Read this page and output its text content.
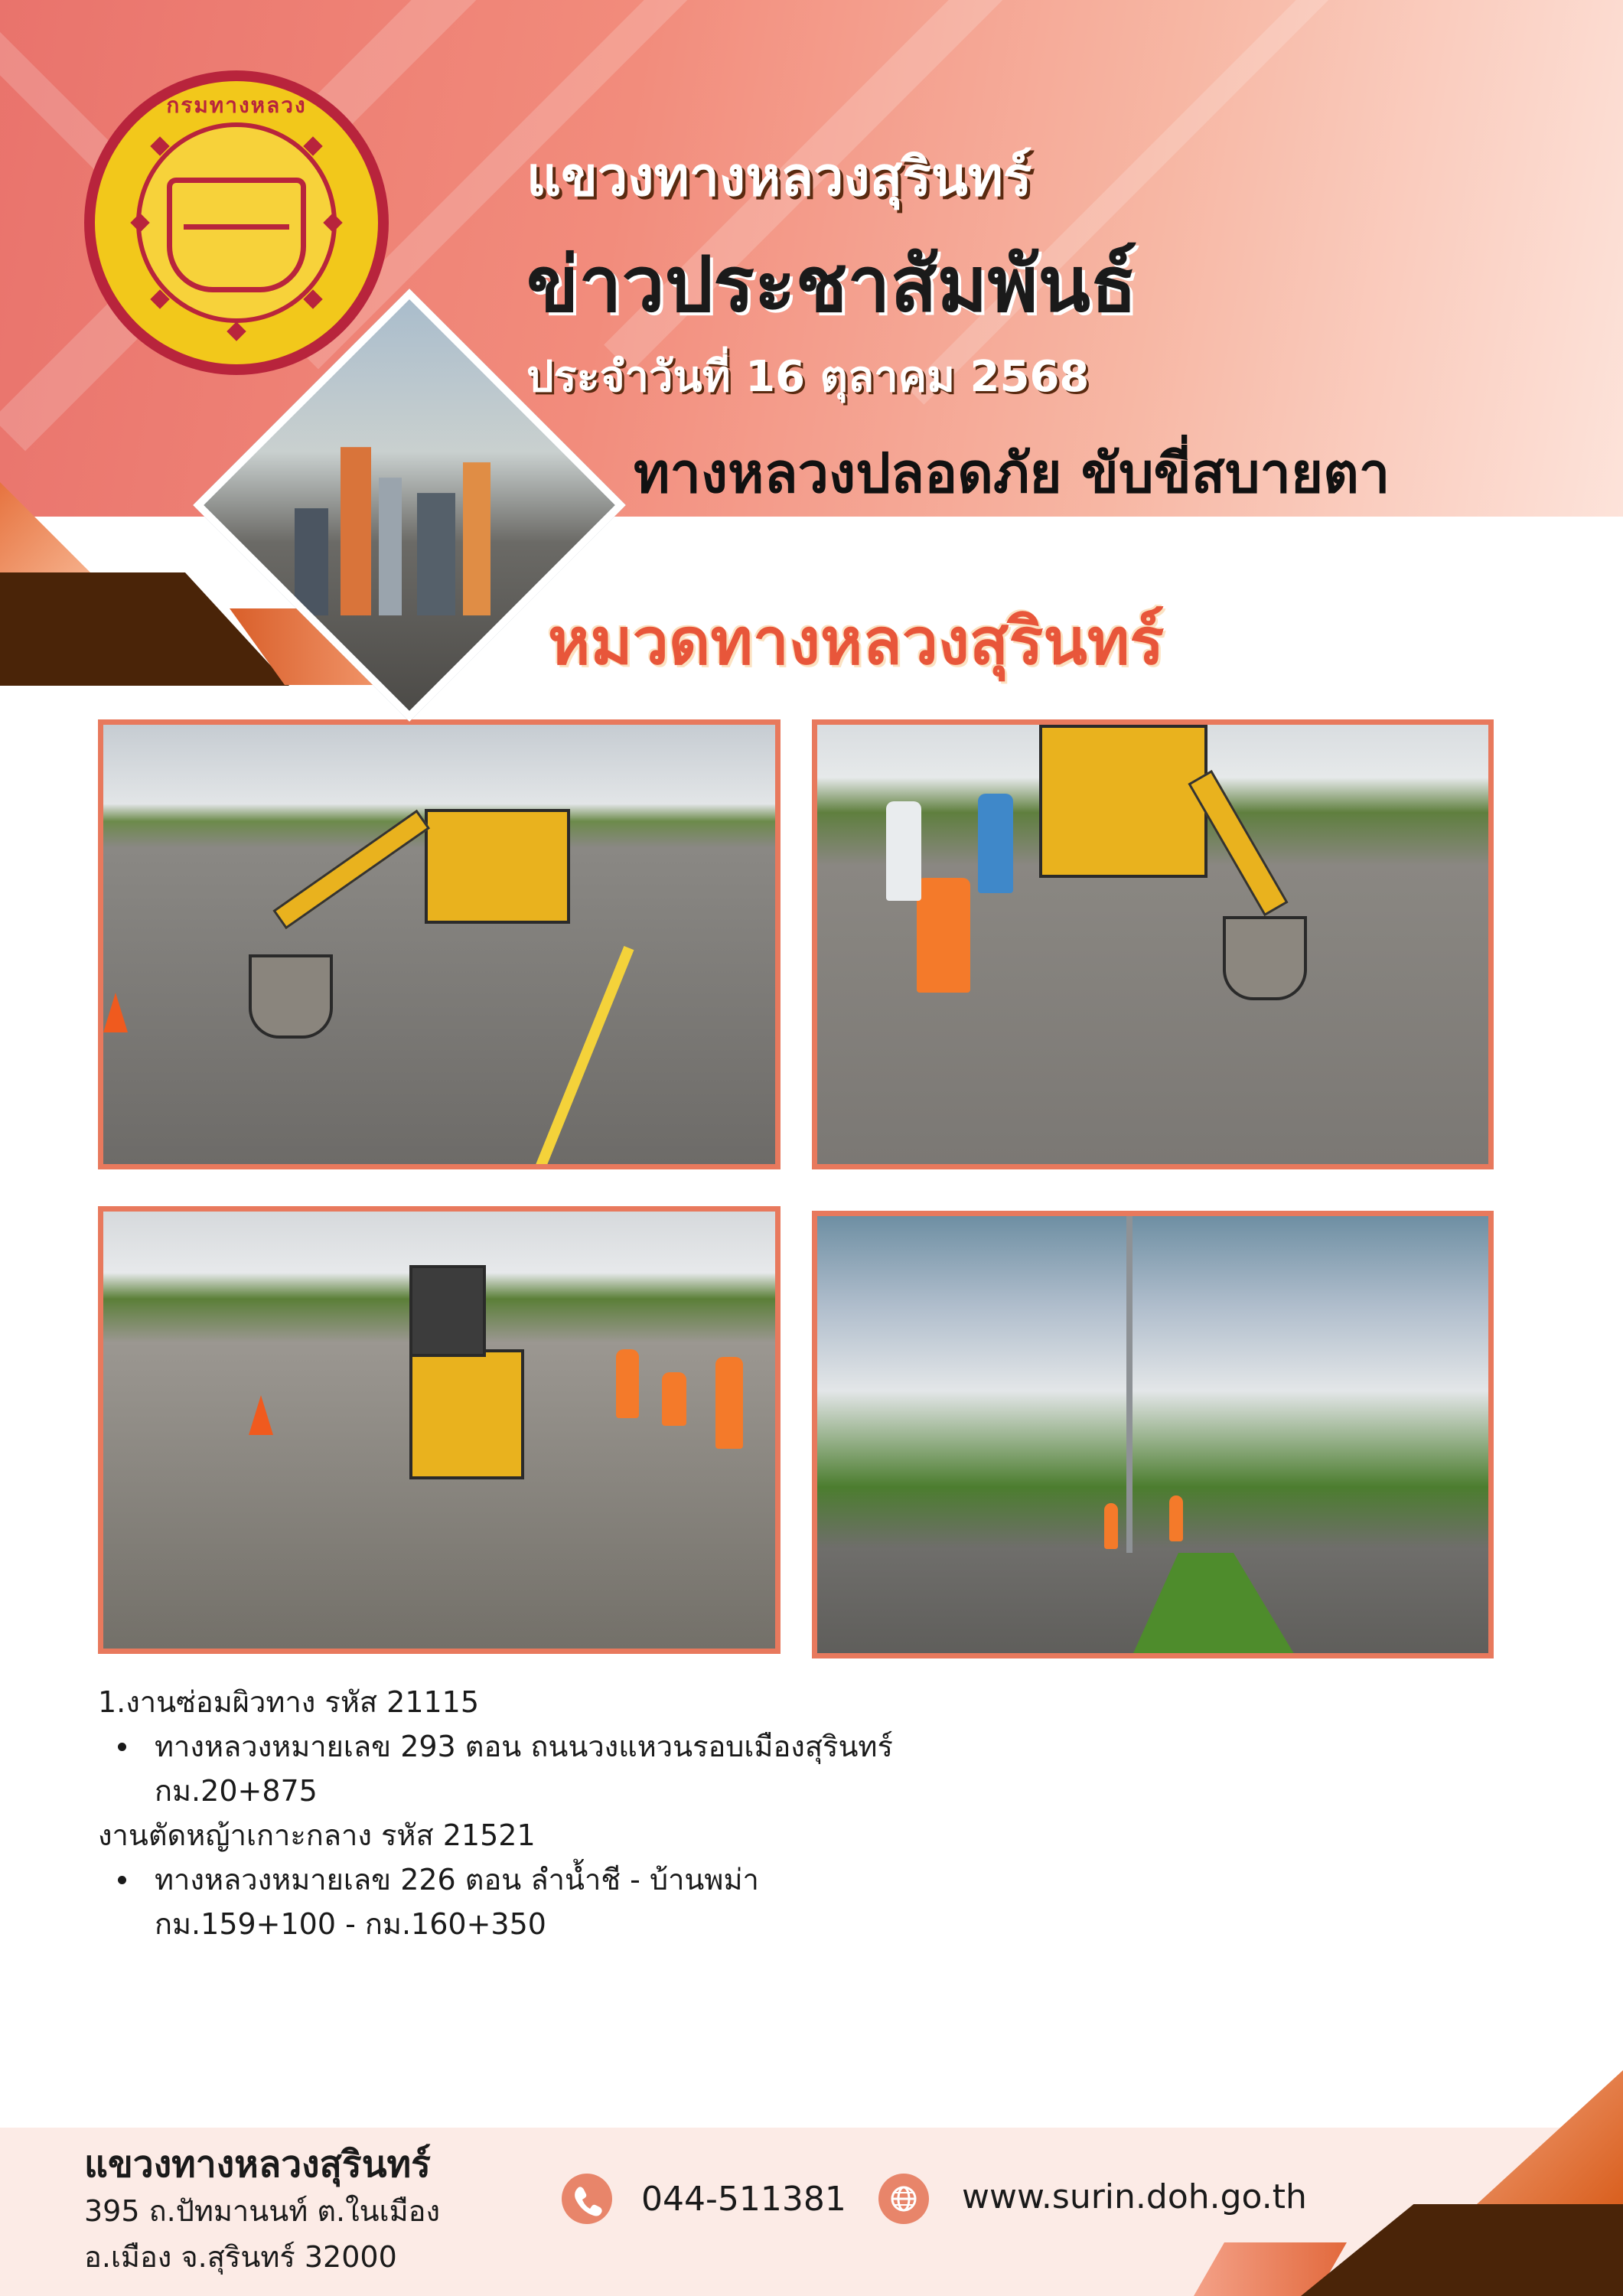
กรมทางหลวง
แขวงทางหลวงสุรินทร์
ข่าวประชาสัมพันธ์
ประจำวันที่ 16 ตุลาคม 2568
ทางหลวงปลอดภัย ขับขี่สบายตา
หมวดทางหลวงสุรินทร์
1.งานซ่อมผิวทาง รหัส 21115
ทางหลวงหมายเลข 293 ตอน ถนนวงแหวนรอบเมืองสุรินทร์
กม.20+875
งานตัดหญ้าเกาะกลาง รหัส 21521
ทางหลวงหมายเลข 226 ตอน ลำน้ำชี - บ้านพม่า
กม.159+100 - กม.160+350
แขวงทางหลวงสุรินทร์
395 ถ.ปัทมานนท์ ต.ในเมือง
อ.เมือง จ.สุรินทร์ 32000
044-511381	www.surin.doh.go.th
